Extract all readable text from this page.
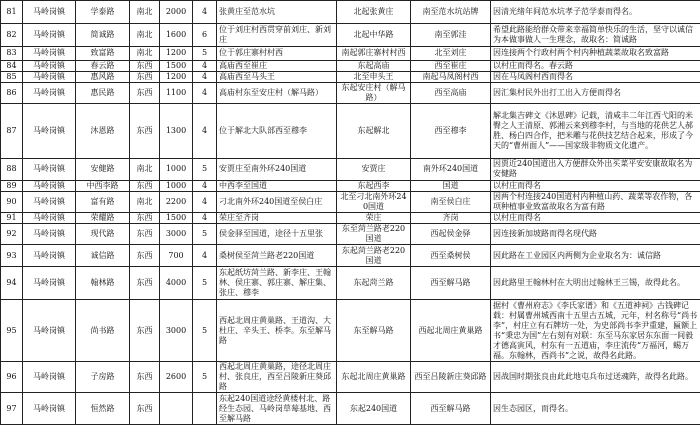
81	马岭岗镇	学泰路	南北	2000	4	张黄庄至范水坑	北起张黄庄	南至范水坑站牌	因清光绪年间范水坑孝子范学泰而得名。
82	马岭岗镇	简诚路	南北	1600	6	位于刘庄村西贯穿前刘庄、新刘庄	北起中华路	南至郭洼	希望此路能给群众带来幸福简单快乐的生活，坚守以诚信为本做事做人一生理念，故取名：简诚路
83	马岭岗镇	致富路	南北	1200	5	位于郭庄寨村村西	南起郭庄寨村村西	北至刘庄	因连接两个行政村两个村内种植蔬菜故取名致富路
84	马岭岗镇	春云路	东西	1500	4	高庙西至崔庄	东起高庙	西至崔庄	以村庄而得名。春云路
85	马岭岗镇	惠风路	东西	1200	4	高庙西至马头王	北至申头王	南起马凤阁村西	因在马凤阁村西而得名
86	马岭岗镇	惠民路	东西	1100	4	高庙村东至安庄村（解马路）	东起安庄村（解马路）	西至高庙	因汇集村民外出打工出入方便而得名
87	马岭岗镇	沐恩路	东西	1300	4	位于解北大队部西至穆李	东起解北	西至穆李	解北集吉碑文《沐恩碑》记载，清咸丰二年江西弋阳的米臀之人王清原、郭湘云来到穆李村，与当地的花供艺人郝胜、杨白四合作，把米雕与花供技艺结合起来，形成了今天的“曹州面人”——国家级非物质文化遗产。
88	马岭岗镇	安健路	南北	1000	5	安贾庄至南外环240国道	安贾庄	南外环240国道	因贾近240国道出入方便群众外出买菜平安安康故取名为安健路
89	马岭岗镇	中西李路	东西	1000	4	中西李至国道	东起西李	国道	以村庄而得名
90	马岭岗镇	富有路	南北	2200	4	刁北南外环240国道至侯白庄	北至刁北南外环240国道	南至侯白庄	因两个村连接240国道村内种植山药、蔬菜等农作物，各项种植事业致富故取名为富有路
91	马岭岗镇	荣耀路	东西	1500	4	荣庄至齐岗	荣庄	齐岗	以村庄而得名
92	马岭岗镇	现代路	东西	3000	5	侯金驿至国道，途径十五里张	东至菏兰路老220国道	西起侯金驿	因连接新加坡路而得名现代路
93	马岭岗镇	诚信路	东西	700	4	桑树侯至菏兰路老220国道	东起菏兰路老220国道	西至桑树侯	因此路在工业园区内两侧为企业取名为：诚信路
94	马岭岗镇	翰林路	东西	4000	5	东起纸坊菏兰路、新李庄、王翰林、侯庄寨、郭庄寨、解庄集、张庄、穆李	东起菏兰路	西至解马路	因此路里王翰林村在大明出过翰林王三锡，故得此名。
95	马岭岗镇	尚书路	东西	3000	5	西起北周庄黄巢路、王道沟、大杜庄、辛头王、桥李。东至解马路	东至解马路	西起北周庄黄巢路	据村《曹州府志》《李氏家谱》和《五道神祠》古钱碑记载：村属曹州城西南十五里古五城，元年，村名称号“尚书李”，村庄立有石牌坊一处，为史部尚书李尹重建，匾额上书“秉忠为国”左右刻有对联：东至马东家居东东面一间毅才德高寅风，村东有一五道庙，李庄流传“万福河，蜴万福。东翰林，西尚书”之说，故得名此路。
96	马岭岗镇	子房路	东西	2600	5	西起北周庄黄巢路，途径北周庄村、张良庄，西至吕陵新庄葵邱路	东起北周庄黄巢路	西至吕陵新庄葵邱路	因战国时期张良由此此地屯兵布过送魂阵，故得名此路。
97	马岭岗镇	恒然路	东西			东起240国道途经黄楼村北、路经生态园、马岭岗草莓基地、西至解马路	东起240国道	西至解马路	因生态园区，而得名。
